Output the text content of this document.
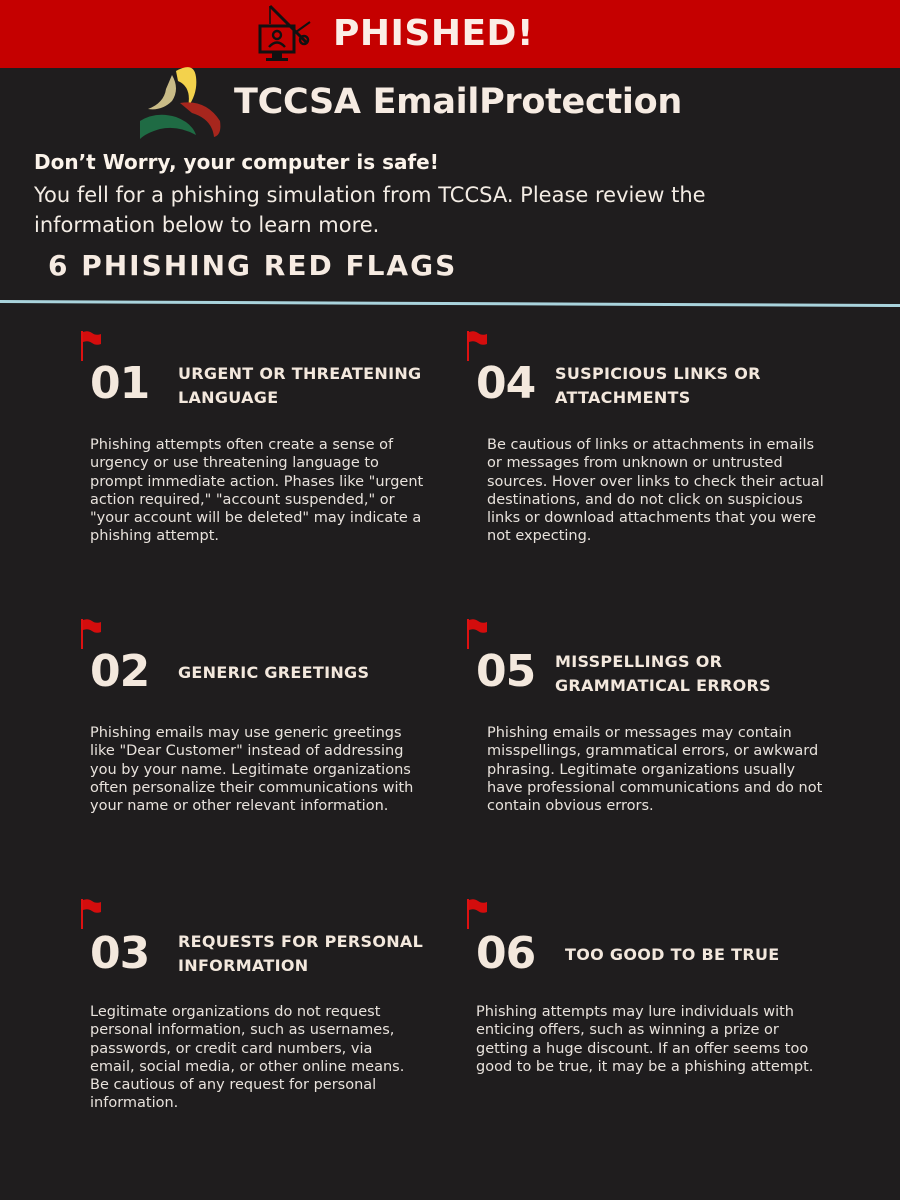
PHISHED!
TCCSA EmailProtection
Don’t Worry, your computer is safe!

You fell for a phishing simulation from TCCSA. Please review the information below to learn more.

6 PHISHING RED FLAGS
01 URGENT OR THREATENING LANGUAGE

Phishing attempts often create a sense of urgency or use threatening language to prompt immediate action. Phases like "urgent action required," "account suspended," or "your account will be deleted" may indicate a phishing attempt.

02 GENERIC GREETINGS

Phishing emails may use generic greetings like "Dear Customer" instead of addressing you by your name. Legitimate organizations often personalize their communications with your name or other relevant information.

03 REQUESTS FOR PERSONAL INFORMATION

Legitimate organizations do not request personal information, such as usernames, passwords, or credit card numbers, via email, social media, or other online means. Be cautious of any request for personal information.

04 SUSPICIOUS LINKS OR ATTACHMENTS

Be cautious of links or attachments in emails or messages from unknown or untrusted sources. Hover over links to check their actual destinations, and do not click on suspicious links or download attachments that you were not expecting.

05 MISSPELLINGS OR GRAMMATICAL ERRORS

Phishing emails or messages may contain misspellings, grammatical errors, or awkward phrasing. Legitimate organizations usually have professional communications and do not contain obvious errors.

06 TOO GOOD TO BE TRUE

Phishing attempts may lure individuals with enticing offers, such as winning a prize or getting a huge discount. If an offer seems too good to be true, it may be a phishing attempt.
